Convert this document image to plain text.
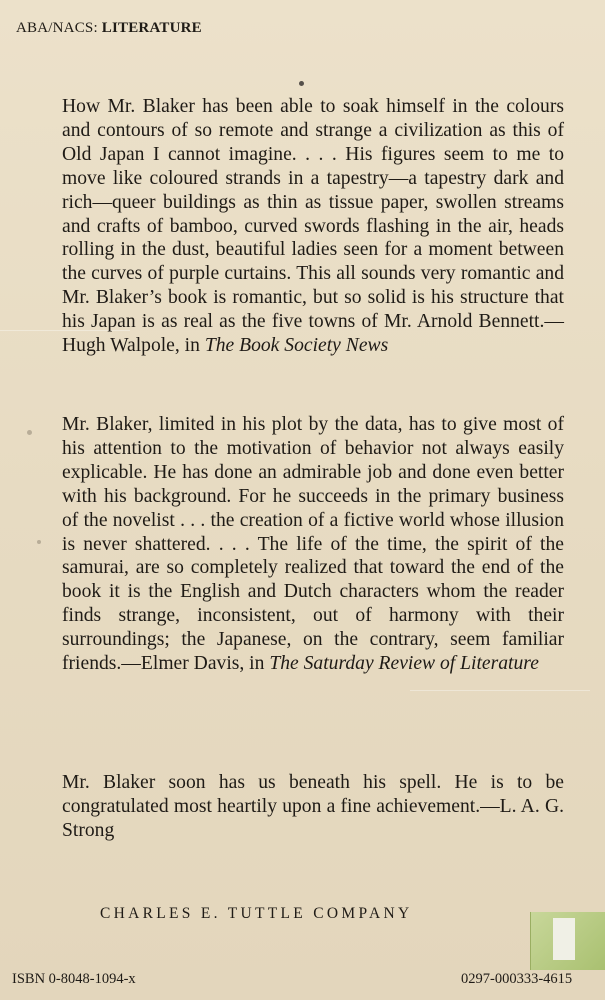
ABA/NACS: LITERATURE

How Mr. Blaker has been able to soak himself in the colours and contours of so remote and strange a civilization as this of Old Japan I cannot imagine. . . . His figures seem to me to move like coloured strands in a tapestry—a tapestry dark and rich—queer buildings as thin as tissue paper, swollen streams and crafts of bamboo, curved swords flashing in the air, heads rolling in the dust, beautiful ladies seen for a moment between the curves of purple curtains. This all sounds very romantic and Mr. Blaker’s book is romantic, but so solid is his structure that his Japan is as real as the five towns of Mr. Arnold Bennett.— Hugh Walpole, in The Book Society News

Mr. Blaker, limited in his plot by the data, has to give most of his attention to the motivation of behavior not always easily explicable. He has done an admirable job and done even better with his background. For he succeeds in the primary business of the novelist . . . the creation of a fictive world whose illusion is never shattered. . . . The life of the time, the spirit of the samurai, are so completely realized that toward the end of the book it is the English and Dutch characters whom the reader finds strange, inconsistent, out of harmony with their surroundings; the Japanese, on the contrary, seem familiar friends.—Elmer Davis, in The Saturday Review of Literature

Mr. Blaker soon has us beneath his spell. He is to be congratulated most heartily upon a fine achievement.—L. A. G. Strong

CHARLES E. TUTTLE COMPANY
ISBN 0-8048-1094-x	0297-000333-4615
